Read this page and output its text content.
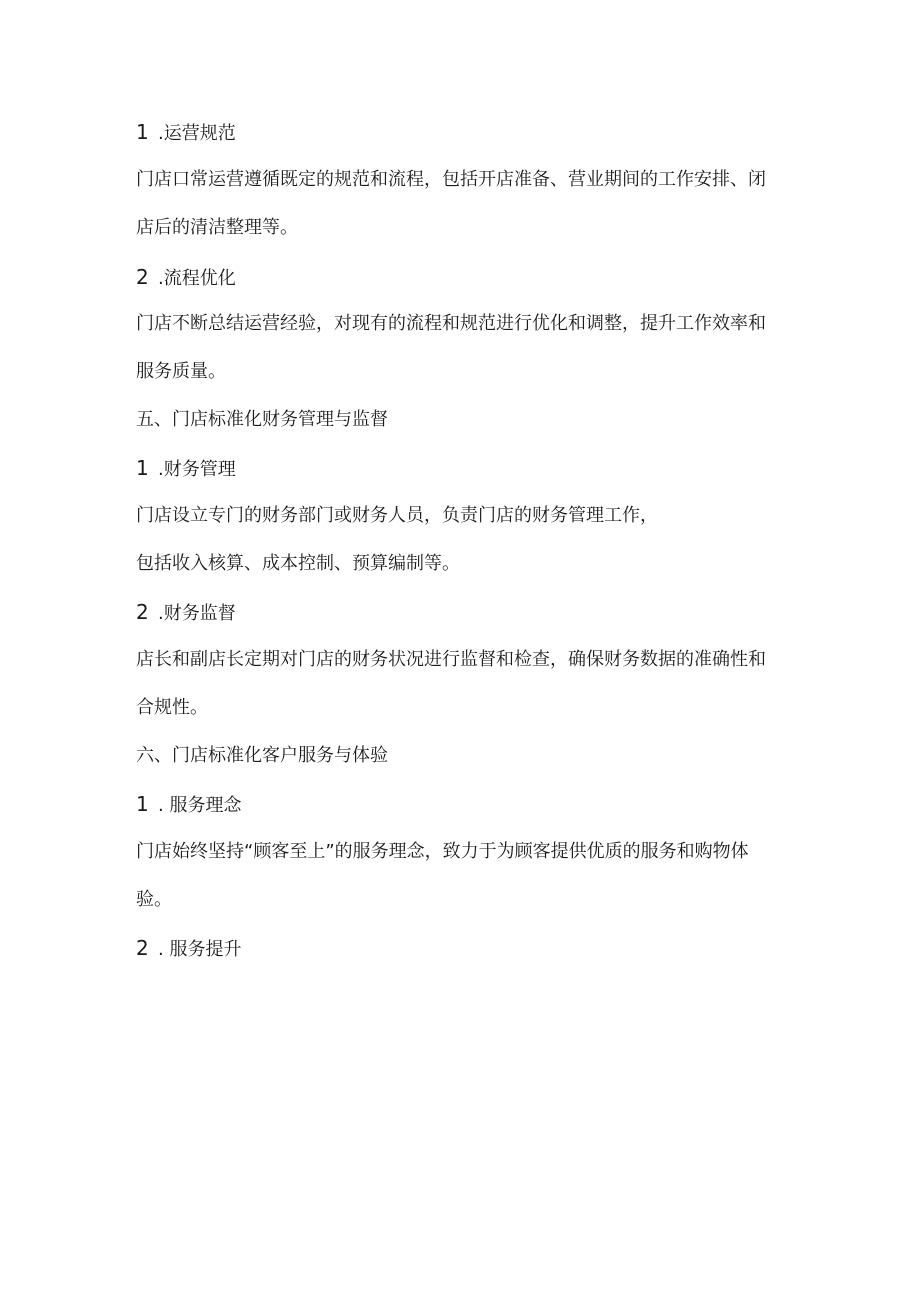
1 .运营规范
门店口常运营遵循既定的规范和流程，包括开店准备、营业期间的工作安排、闭
店后的清洁整理等。
2 .流程优化
门店不断总结运营经验，对现有的流程和规范进行优化和调整，提升工作效率和
服务质量。
五、门店标准化财务管理与监督
1 .财务管理
门店设立专门的财务部门或财务人员，负责门店的财务管理工作，
包括收入核算、成本控制、预算编制等。
2 .财务监督
店长和副店长定期对门店的财务状况进行监督和检查，确保财务数据的准确性和
合规性。
六、门店标准化客户服务与体验
1 . 服务理念
门店始终坚持“顾客至上”的服务理念，致力于为顾客提供优质的服务和购物体
验。
2 . 服务提升
